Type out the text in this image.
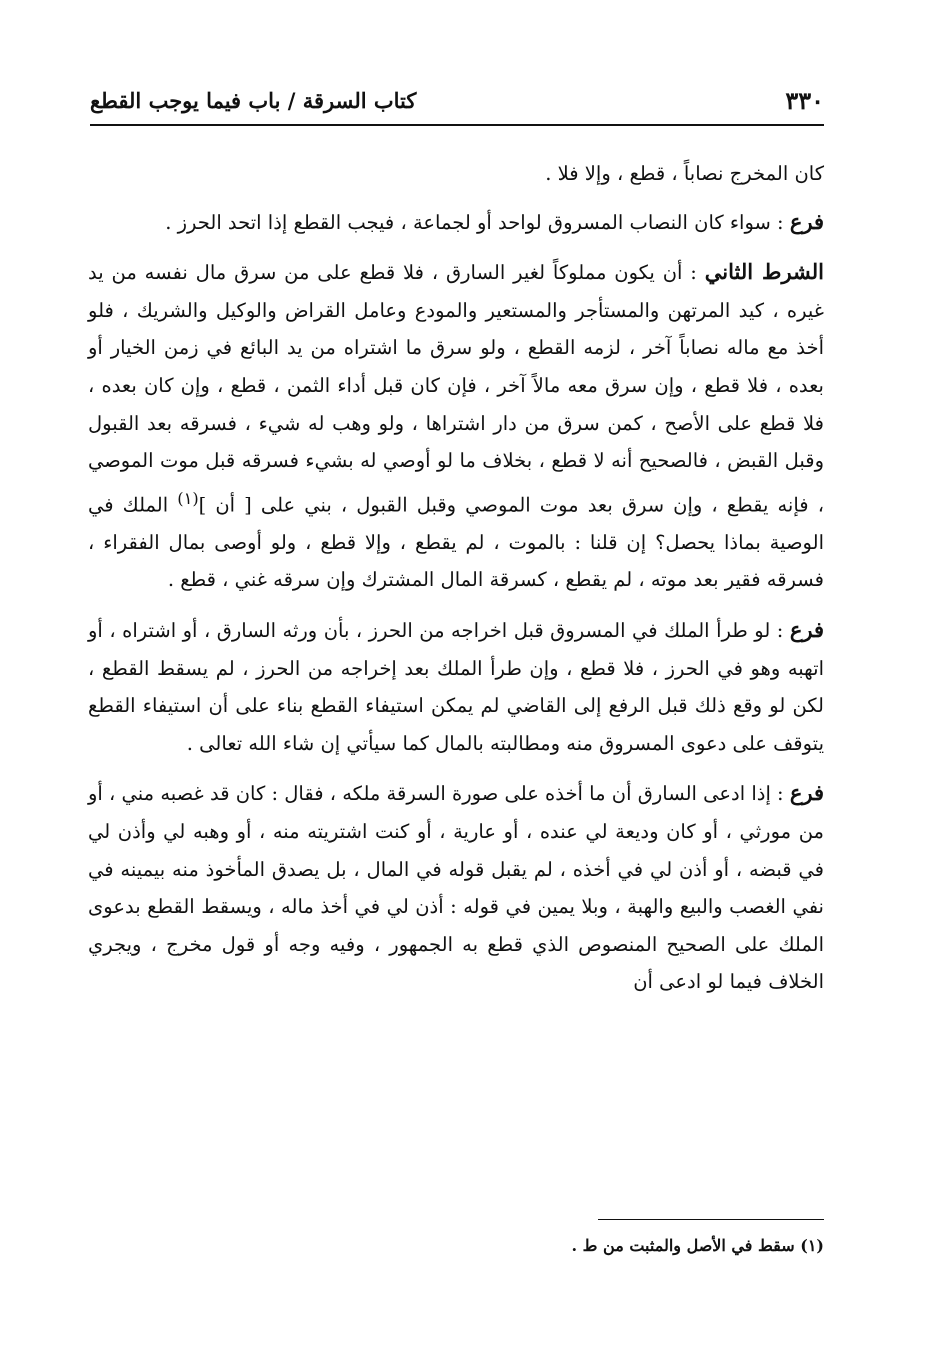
٣٣٠
كتاب السرقة / باب فيما يوجب القطع

كان المخرج نصاباً ، قطع ، وإلا فلا .

فرع : سواء كان النصاب المسروق لواحد أو لجماعة ، فيجب القطع إذا اتحد الحرز .

الشرط الثاني : أن يكون مملوكاً لغير السارق ، فلا قطع على من سرق مال نفسه من يد غيره ، كيد المرتهن والمستأجر والمستعير والمودع وعامل القراض والوكيل والشريك ، فلو أخذ مع ماله نصاباً آخر ، لزمه القطع ، ولو سرق ما اشتراه من يد البائع في زمن الخيار أو بعده ، فلا قطع ، وإن سرق معه مالاً آخر ، فإن كان قبل أداء الثمن ، قطع ، وإن كان بعده ، فلا قطع على الأصح ، كمن سرق من دار اشتراها ، ولو وهب له شيء ، فسرقه بعد القبول وقبل القبض ، فالصحيح أنه لا قطع ، بخلاف ما لو أوصي له بشيء فسرقه قبل موت الموصي ، فإنه يقطع ، وإن سرق بعد موت الموصي وقبل القبول ، بني على [ أن ]$^{(١)}$ الملك في الوصية بماذا يحصل؟ إن قلنا : بالموت ، لم يقطع ، وإلا قطع ، ولو أوصى بمال الفقراء ، فسرقه فقير بعد موته ، لم يقطع ، كسرقة المال المشترك وإن سرقه غني ، قطع .

فرع : لو طرأ الملك في المسروق قبل اخراجه من الحرز ، بأن ورثه السارق ، أو اشتراه ، أو اتهبه وهو في الحرز ، فلا قطع ، وإن طرأ الملك بعد إخراجه من الحرز ، لم يسقط القطع ، لكن لو وقع ذلك قبل الرفع إلى القاضي لم يمكن استيفاء القطع بناء على أن استيفاء القطع يتوقف على دعوى المسروق منه ومطالبته بالمال كما سيأتي إن شاء الله تعالى .

فرع : إذا ادعى السارق أن ما أخذه على صورة السرقة ملكه ، فقال : كان قد غصبه مني ، أو من مورثي ، أو كان وديعة لي عنده ، أو عارية ، أو كنت اشتريته منه ، أو وهبه لي وأذن لي في قبضه ، أو أذن لي في أخذه ، لم يقبل قوله في المال ، بل يصدق المأخوذ منه بيمينه في نفي الغصب والبيع والهبة ، وبلا يمين في قوله : أذن لي في أخذ ماله ، ويسقط القطع بدعوى الملك على الصحيح المنصوص الذي قطع به الجمهور ، وفيه وجه أو قول مخرج ، ويجري الخلاف فيما لو ادعى أن

(١) سقط في الأصل والمثبت من ط .
